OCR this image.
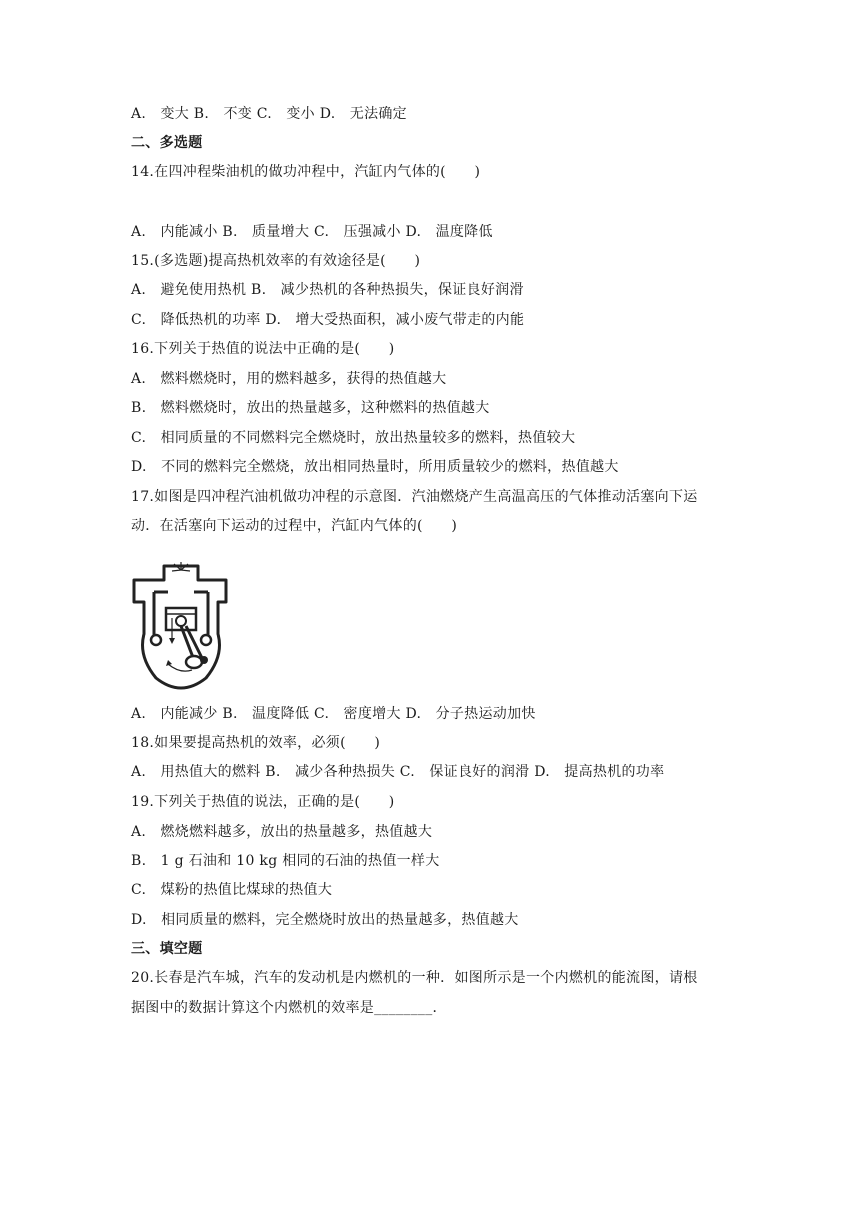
A.　变大 B.　不变 C.　变小 D.　无法确定
二、多选题
14.在四冲程柴油机的做功冲程中，汽缸内气体的(　　)
A.　内能减小 B.　质量增大 C.　压强减小 D.　温度降低
15.(多选题)提高热机效率的有效途径是(　　)
A.　避免使用热机 B.　减少热机的各种热损失，保证良好润滑
C.　降低热机的功率 D.　增大受热面积，减小废气带走的内能
16.下列关于热值的说法中正确的是(　　)
A.　燃料燃烧时，用的燃料越多，获得的热值越大
B.　燃料燃烧时，放出的热量越多，这种燃料的热值越大
C.　相同质量的不同燃料完全燃烧时，放出热量较多的燃料，热值较大
D.　不同的燃料完全燃烧，放出相同热量时，所用质量较少的燃料，热值越大
17.如图是四冲程汽油机做功冲程的示意图．汽油燃烧产生高温高压的气体推动活塞向下运
动．在活塞向下运动的过程中，汽缸内气体的(　　)
A.　内能减少 B.　温度降低 C.　密度增大 D.　分子热运动加快
18.如果要提高热机的效率，必须(　　)
A.　用热值大的燃料 B.　减少各种热损失 C.　保证良好的润滑 D.　提高热机的功率
19.下列关于热值的说法，正确的是(　　)
A.　燃烧燃料越多，放出的热量越多，热值越大
B.　1 g 石油和 10 kg 相同的石油的热值一样大
C.　煤粉的热值比煤球的热值大
D.　相同质量的燃料，完全燃烧时放出的热量越多，热值越大
三、填空题
20.长春是汽车城，汽车的发动机是内燃机的一种．如图所示是一个内燃机的能流图，请根
据图中的数据计算这个内燃机的效率是________．
